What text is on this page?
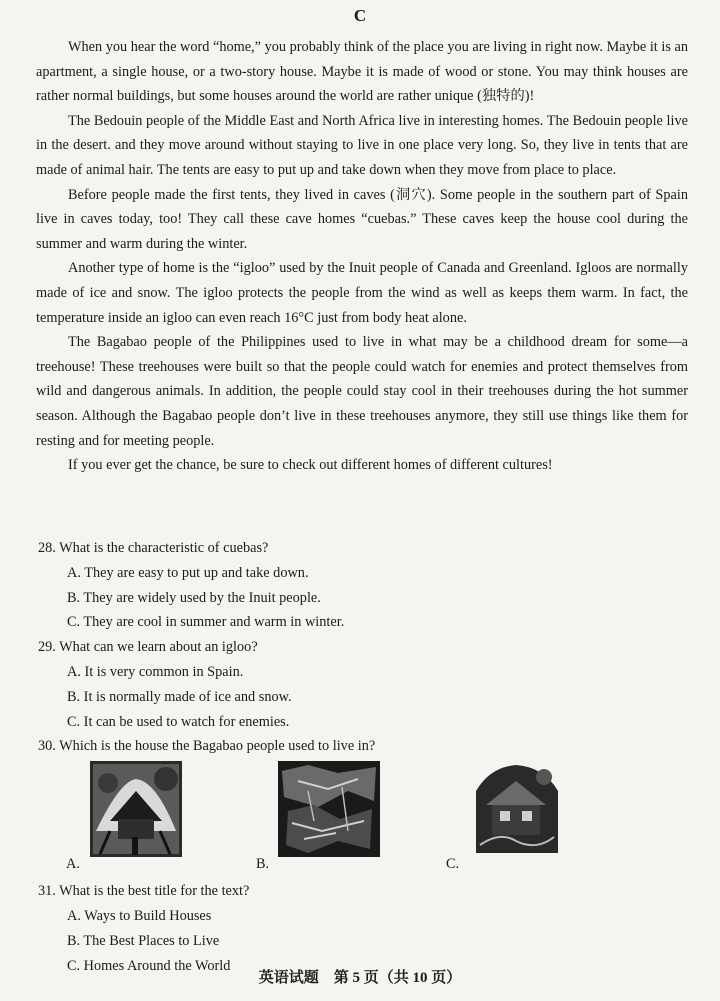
C

When you hear the word “home,” you probably think of the place you are living in right now. Maybe it is an apartment, a single house, or a two-story house. Maybe it is made of wood or stone. You may think houses are rather normal buildings, but some houses around the world are rather unique (独特的)!

The Bedouin people of the Middle East and North Africa live in interesting homes. The Bedouin people live in the desert. and they move around without staying to live in one place very long. So, they live in tents that are made of animal hair. The tents are easy to put up and take down when they move from place to place.

Before people made the first tents, they lived in caves (洞穴). Some people in the southern part of Spain live in caves today, too! They call these cave homes “cuebas.” These caves keep the house cool during the summer and warm during the winter.

Another type of home is the “igloo” used by the Inuit people of Canada and Greenland. Igloos are normally made of ice and snow. The igloo protects the people from the wind as well as keeps them warm. In fact, the temperature inside an igloo can even reach 16°C just from body heat alone.

The Bagabao people of the Philippines used to live in what may be a childhood dream for some—a treehouse! These treehouses were built so that the people could watch for enemies and protect themselves from wild and dangerous animals. In addition, the people could stay cool in their treehouses during the hot summer season. Although the Bagabao people don’t live in these treehouses anymore, they still use things like them for resting and for meeting people.

If you ever get the chance, be sure to check out different homes of different cultures!

28. What is the characteristic of cuebas?

A. They are easy to put up and take down.

B. They are widely used by the Inuit people.

C. They are cool in summer and warm in winter.

29. What can we learn about an igloo?

A. It is very common in Spain.

B. It is normally made of ice and snow.

C. It can be used to watch for enemies.

30. Which is the house the Bagabao people used to live in?

A.	B.	C.

31. What is the best title for the text?

A. Ways to Build Houses

B. The Best Places to Live

C. Homes Around the World

英语试题　第 5 页（共 10 页）
